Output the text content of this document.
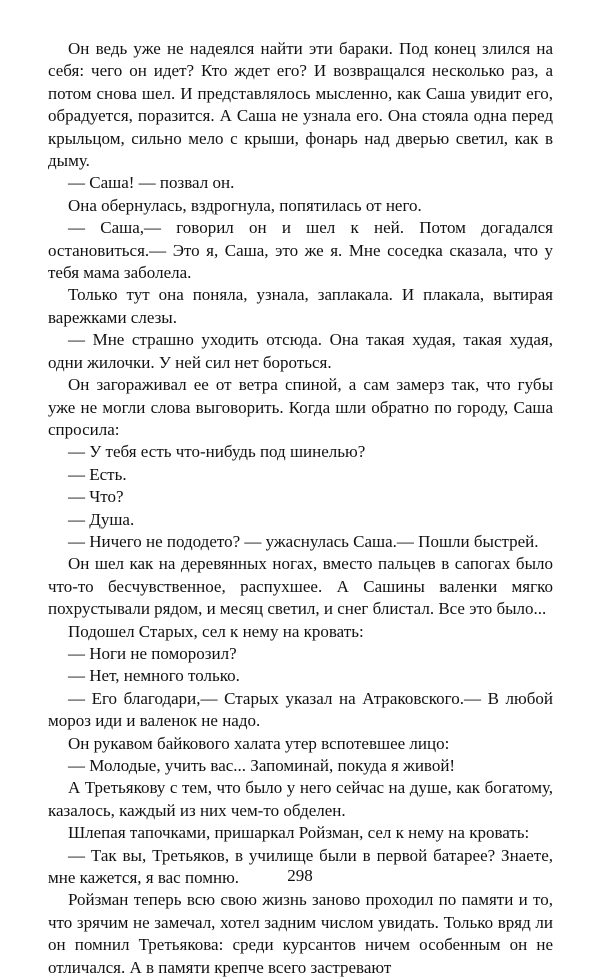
Он ведь уже не надеялся найти эти бараки. Под конец злился на себя: чего он идет? Кто ждет его? И возвращался несколько раз, а потом снова шел. И представлялось мысленно, как Саша увидит его, обрадуется, поразится. А Саша не узнала его. Она стояла одна перед крыльцом, сильно мело с крыши, фонарь над дверью светил, как в дыму.

— Саша! — позвал он.

Она обернулась, вздрогнула, попятилась от него.

— Саша,— говорил он и шел к ней. Потом догадался остановиться.— Это я, Саша, это же я. Мне соседка сказала, что у тебя мама заболела.

Только тут она поняла, узнала, заплакала. И плакала, вытирая варежками слезы.

— Мне страшно уходить отсюда. Она такая худая, такая худая, одни жилочки. У ней сил нет бороться.

Он загораживал ее от ветра спиной, а сам замерз так, что губы уже не могли слова выговорить. Когда шли обратно по городу, Саша спросила:

— У тебя есть что-нибудь под шинелью?

— Есть.

— Что?

— Душа.

— Ничего не пододето? — ужаснулась Саша.— Пошли быстрей.

Он шел как на деревянных ногах, вместо пальцев в сапогах было что-то бесчувственное, распухшее. А Сашины валенки мягко похрустывали рядом, и месяц светил, и снег блистал. Все это было...

Подошел Старых, сел к нему на кровать:

— Ноги не поморозил?

— Нет, немного только.

— Его благодари,— Старых указал на Атраковского.— В любой мороз иди и валенок не надо.

Он рукавом байкового халата утер вспотевшее лицо:

— Молодые, учить вас... Запоминай, покуда я живой!

А Третьякову с тем, что было у него сейчас на душе, как богатому, казалось, каждый из них чем-то обделен.

Шлепая тапочками, пришаркал Ройзман, сел к нему на кровать:

— Так вы, Третьяков, в училище были в первой батарее? Знаете, мне кажется, я вас помню.

Ройзман теперь всю свою жизнь заново проходил по памяти и то, что зрячим не замечал, хотел задним числом увидать. Только вряд ли он помнил Третьякова: среди курсантов ничем особенным он не отличался. А в памяти крепче всего застревают

298
